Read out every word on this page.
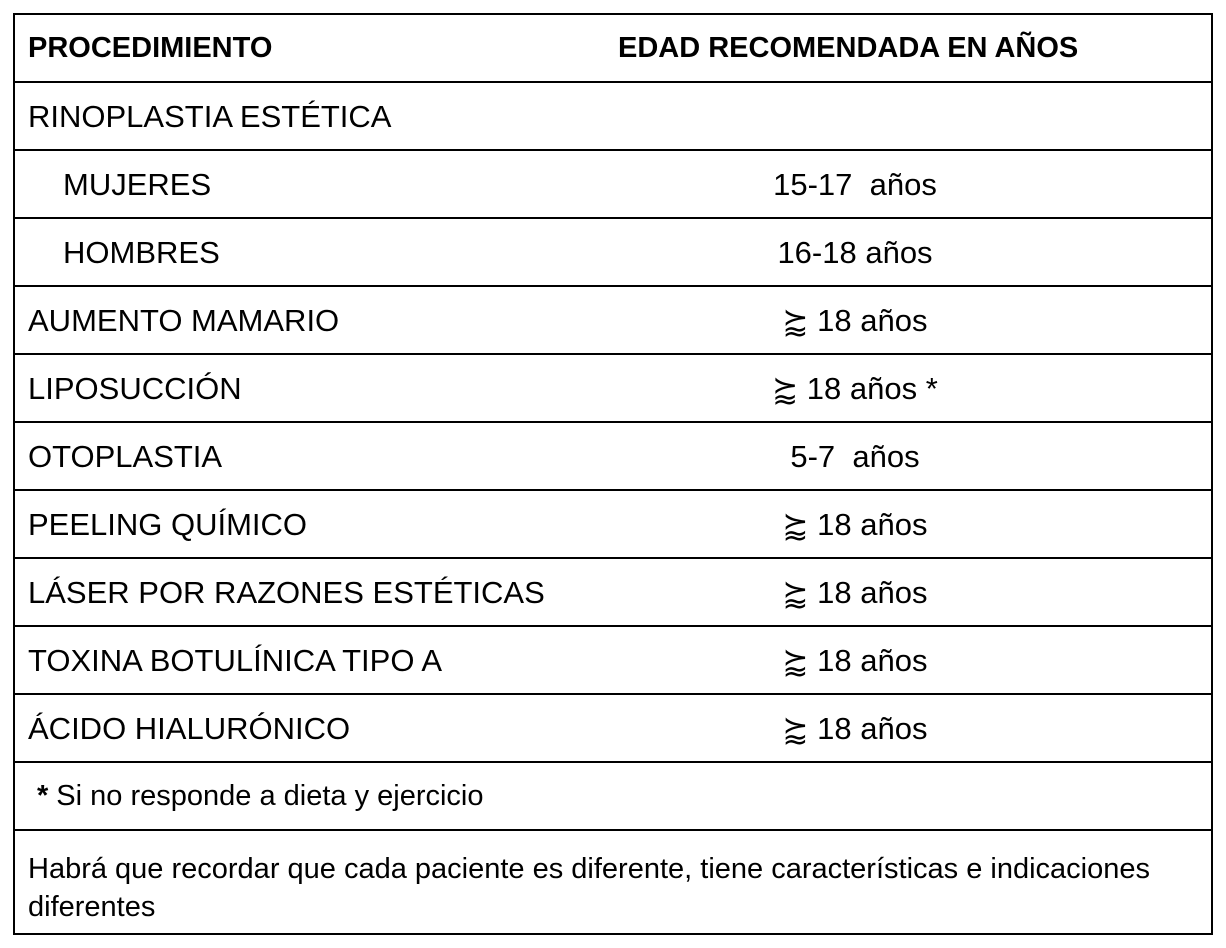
PROCEDIMIENTO	EDAD RECOMENDADA EN AÑOS
RINOPLASTIA ESTÉTICA
MUJERES	15-17  años
HOMBRES	16-18 años
AUMENTO MAMARIO	⪸ 18 años
LIPOSUCCIÓN	⪸ 18 años *
OTOPLASTIA	5-7  años
PEELING QUÍMICO	⪸ 18 años
LÁSER POR RAZONES ESTÉTICAS	⪸ 18 años
TOXINA BOTULÍNICA TIPO A	⪸ 18 años
ÁCIDO HIALURÓNICO	⪸ 18 años
* Si no responde a dieta y ejercicio
Habrá que recordar que cada paciente es diferente, tiene características e indicaciones diferentes
